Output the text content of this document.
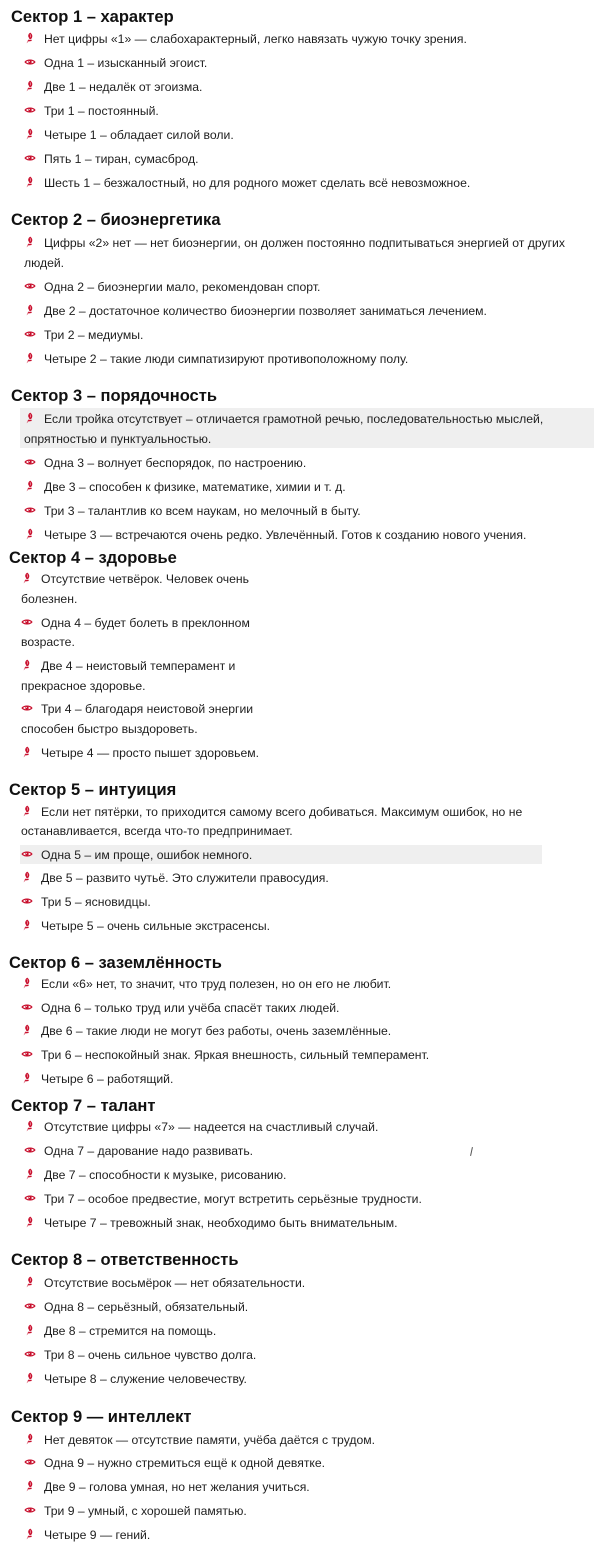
Сектор 1 – характер
Нет цифры «1» — слабохарактерный, легко навязать чужую точку зрения.
Одна 1 – изысканный эгоист.
Две 1 – недалёк от эгоизма.
Три 1 – постоянный.
Четыре 1 – обладает силой воли.
Пять 1 – тиран, сумасброд.
Шесть 1 – безжалостный, но для родного может сделать всё невозможное.
Сектор 2 – биоэнергетика
Цифры «2» нет — нет биоэнергии, он должен постоянно подпитываться энергией от других
людей.
Одна 2 – биоэнергии мало, рекомендован спорт.
Две 2 – достаточное количество биоэнергии позволяет заниматься лечением.
Три 2 – медиумы.
Четыре 2 – такие люди симпатизируют противоположному полу.
Сектор 3 – порядочность
Если тройка отсутствует – отличается грамотной речью, последовательностью мыслей,
опрятностью и пунктуальностью.
Одна 3 – волнует беспорядок, по настроению.
Две 3 – способен к физике, математике, химии и т. д.
Три 3 – талантлив ко всем наукам, но мелочный в быту.
Четыре 3 — встречаются очень редко. Увлечённый. Готов к созданию нового учения.
Сектор 4 – здоровье
Отсутствие четвёрок. Человек очень
болезнен.
Одна 4 – будет болеть в преклонном
возрасте.
Две 4 – неистовый темперамент и
прекрасное здоровье.
Три 4 – благодаря неистовой энергии
способен быстро выздороветь.
Четыре 4 — просто пышет здоровьем.
Сектор 5 – интуиция
Если нет пятёрки, то приходится самому всего добиваться. Максимум ошибок, но не
останавливается, всегда что-то предпринимает.
Одна 5 – им проще, ошибок немного.
Две 5 – развито чутьё. Это служители правосудия.
Три 5 – ясновидцы.
Четыре 5 – очень сильные экстрасенсы.
Сектор 6 – заземлённость
Если «6» нет, то значит, что труд полезен, но он его не любит.
Одна 6 – только труд или учёба спасёт таких людей.
Две 6 – такие люди не могут без работы, очень заземлённые.
Три 6 – неспокойный знак. Яркая внешность, сильный темперамент.
Четыре 6 – работящий.
Сектор 7 – талант
Отсутствие цифры «7» — надеется на счастливый случай.
Одна 7 – дарование надо развивать.
Две 7 – способности к музыке, рисованию.
Три 7 – особое предвестие, могут встретить серьёзные трудности.
Четыре 7 – тревожный знак, необходимо быть внимательным.
Сектор 8 – ответственность
Отсутствие восьмёрок — нет обязательности.
Одна 8 – серьёзный, обязательный.
Две 8 – стремится на помощь.
Три 8 – очень сильное чувство долга.
Четыре 8 – служение человечеству.
Сектор 9 — интеллект
Нет девяток — отсутствие памяти, учёба даётся с трудом.
Одна 9 – нужно стремиться ещё к одной девятке.
Две 9 – голова умная, но нет желания учиться.
Три 9 – умный, с хорошей памятью.
Четыре 9 — гений.
